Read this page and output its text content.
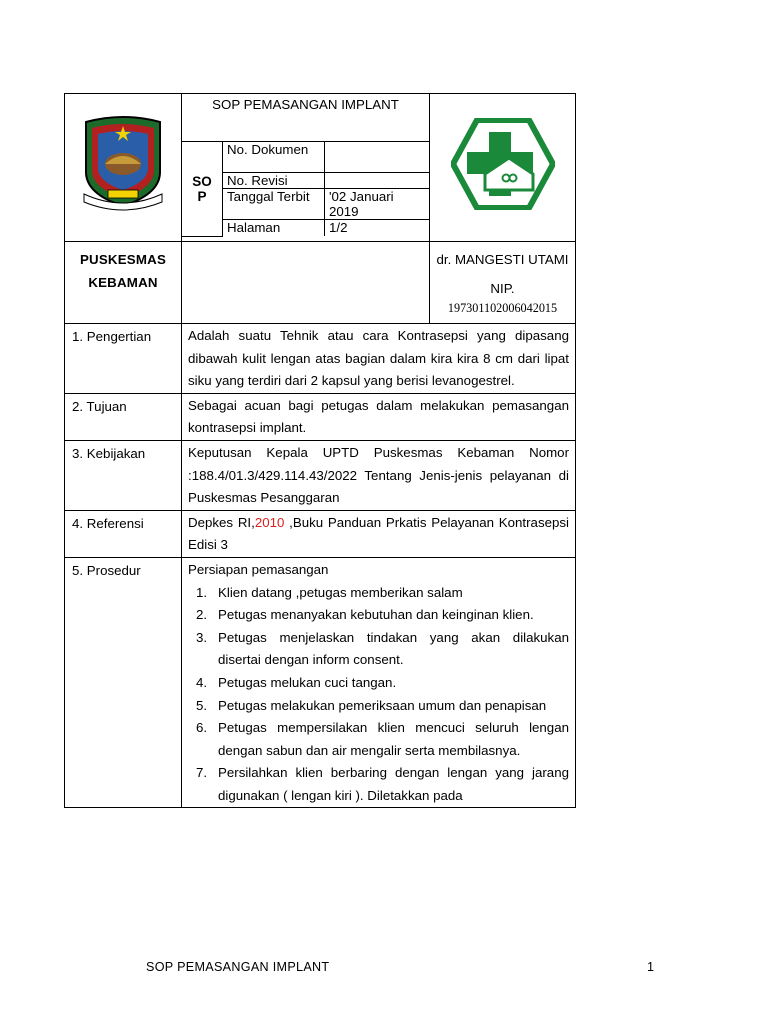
	SOP PEMASANGAN IMPLANT	

SO P	No. Dokumen	
No. Revisi	
Tanggal Terbit	'02 Januari 2019
Halaman	1/2

PUSKESMAS KEBAMAN		
dr. MANGESTI UTAMI
NIP.
197301102006042015

1. Pengertian	Adalah suatu Tehnik atau cara Kontrasepsi yang dipasang dibawah kulit lengan atas bagian dalam kira kira 8 cm dari lipat siku yang terdiri dari 2 kapsul yang berisi levanogestrel.
2. Tujuan	Sebagai acuan bagi petugas dalam melakukan pemasangan kontrasepsi implant.
3. Kebijakan	Keputusan Kepala UPTD Puskesmas Kebaman Nomor :188.4/01.3/429.114.43/2022 Tentang Jenis-jenis pelayanan di Puskesmas Pesanggaran
4. Referensi	Depkes RI,2010 ,Buku Panduan Prkatis Pelayanan Kontrasepsi Edisi 3
5. Prosedur	Persiapan pemasangan
1. Klien datang ,petugas memberikan salam
2. Petugas menanyakan kebutuhan dan keinginan klien.
3. Petugas menjelaskan tindakan yang akan dilakukan disertai dengan inform consent.
4. Petugas melukan cuci tangan.
5. Petugas melakukan pemeriksaan umum dan penapisan
6. Petugas mempersilakan klien mencuci seluruh lengan dengan sabun dan air mengalir serta membilasnya.
7. Persilahkan klien berbaring dengan lengan yang jarang digunakan ( lengan kiri ). Diletakkan pada
SOP PEMASANGAN IMPLANT	1
